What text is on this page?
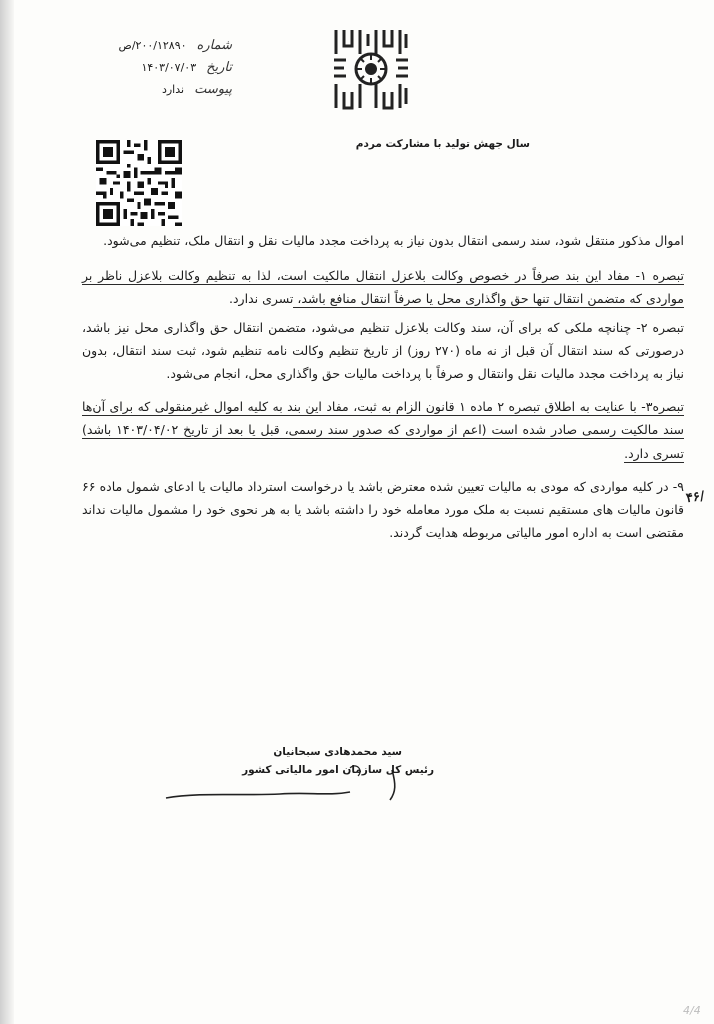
شماره
۲۰۰/۱۲۸۹۰/ص
تاریخ
۱۴۰۳/۰۷/۰۳
پیوست
ندارد
سال جهش تولید با مشارکت مردم

اموال مذکور منتقل شود، سند رسمی انتقال بدون نیاز به پرداخت مجدد مالیات نقل و انتقال ملک، تنظیم می‌شود.

تبصره ۱- مفاد این بند صرفاً در خصوص وکالت بلاعزل انتقال مالکیت است، لذا به تنظیم وکالت بلاعزل ناظر بر مواردی که متضمن انتقال تنها حق واگذاری محل یا صرفاً انتقال منافع باشد، تسری ندارد.

تبصره ۲- چنانچه ملکی که برای آن، سند وکالت بلاعزل تنظیم می‌شود، متضمن انتقال حق واگذاری محل نیز باشد، درصورتی که سند انتقال آن قبل از نه ماه (۲۷۰ روز) از تاریخ تنظیم وکالت نامه تنظیم شود، ثبت سند انتقال، بدون نیاز به پرداخت مجدد مالیات نقل وانتقال و صرفاً با پرداخت مالیات حق واگذاری محل، انجام می‌شود.

تبصره۳- با عنایت به اطلاق تبصره ۲ ماده ۱ قانون الزام به ثبت، مفاد این بند به کلیه اموال غیرمنقولی که برای آن‌ها سند مالکیت رسمی صادر شده است (اعم از مواردی که صدور سند رسمی، قبل یا بعد از تاریخ ۱۴۰۳/۰۴/۰۲ باشد) تسری دارد.

۹- در کلیه مواردی که مودی به مالیات تعیین شده معترض باشد یا درخواست استرداد مالیات یا ادعای شمول ماده ۶۶ قانون مالیات های مستقیم نسبت به ملک مورد معامله خود را داشته باشد یا به هر نحوی خود را مشمول مالیات نداند مقتضی است به اداره امور مالیاتی مربوطه هدایت گردند.

۴۶/
سید محمدهادی سبحانیان
رئیس کل سازمان امور مالیاتی کشور
4/4
